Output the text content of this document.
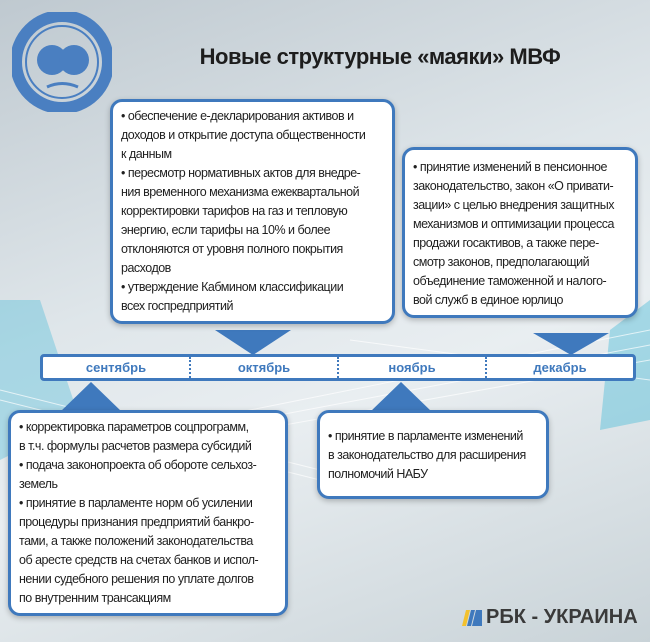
Новые структурные «маяки» МВФ
• обеспечение е-декларирования активов и
доходов и открытие доступа общественности
к данным
• пересмотр нормативных актов для внедре-
ния временного механизма ежеквартальной
корректировки тарифов на газ и тепловую
энергию, если тарифы на 10% и более
отклоняются от уровня полного покрытия
расходов
• утверждение Кабмином классификации
всех госпредприятий
• принятие изменений в пенсионное
законодательство, закон «О привати-
зации» с целью внедрения защитных
механизмов и оптимизации процесса
продажи госактивов, а также пере-
смотр законов, предполагающий
объединение таможенной и налого-
вой служб в единое юрлицо
сентябрь	октябрь	ноябрь	декабрь
• корректировка параметров соцпрограмм,
в т.ч. формулы расчетов размера субсидий
• подача законопроекта об обороте сельхоз-
земель
• принятие в парламенте норм об усилении
процедуры признания предприятий банкро-
тами, а также положений законодательства
об аресте средств на счетах банков и испол-
нении судебного решения по уплате долгов
по внутренним трансакциям
• принятие в парламенте изменений
в законодательство для расширения
полномочий НАБУ
РБК - УКРАИНА
